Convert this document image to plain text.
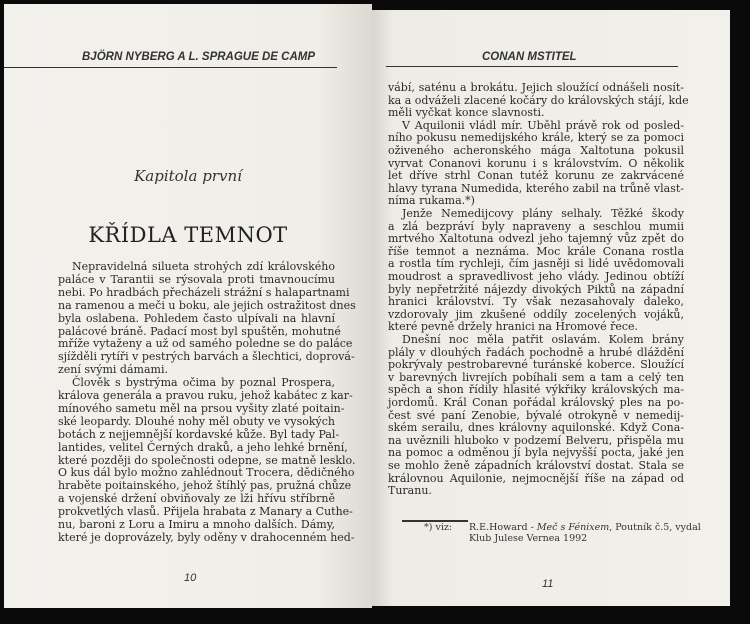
BJÖRN NYBERG A L. SPRAGUE DE CAMP
Kapitola první
KŘÍDLA TEMNOT
Nepravidelná silueta strohých zdí královského
paláce v Tarantii se rýsovala proti tmavnoucímu
nebi. Po hradbách přecházeli strážní s halapartnami
na ramenou a meči u boku, ale jejich ostražitost dnes
byla oslabena. Pohledem často ulpívali na hlavní
palácové bráně. Padací most byl spuštěn, mohutné
mříže vytaženy a už od samého poledne se do paláce
sjížděli rytíři v pestrých barvách a šlechtici, doprová-
zení svými dámami.
Člověk s bystrýma očima by poznal Prospera,
králova generála a pravou ruku, jehož kabátec z kar-
mínového sametu měl na prsou vyšity zlaté poitain-
ské leopardy. Dlouhé nohy měl obuty ve vysokých
botách z nejjemnější kordavské kůže. Byl tady Pal-
lantides, velitel Černých draků, a jeho lehké brnění,
které později do společnosti odepne, se matně lesklo.
O kus dál bylo možno zahlédnout Trocera, dědičného
hraběte poitainského, jehož štíhlý pas, pružná chůze
a vojenské držení obviňovaly ze lži hřívu stříbrně
prokvetlých vlasů. Přijela hrabata z Manary a Cuthe-
nu, baroni z Loru a Imiru a mnoho dalších. Dámy,
které je doprovázely, byly oděny v drahocenném hed-
10
CONAN MSTITEL
vábí, saténu a brokátu. Jejich sloužící odnášeli nosít-
ka a odváželi zlacené kočáry do královských stájí, kde
měli vyčkat konce slavnosti.
V Aquilonii vládl mír. Uběhl právě rok od posled-
ního pokusu nemedijského krále, který se za pomoci
oživeného acheronského mága Xaltotuna pokusil
vyrvat Conanovi korunu i s královstvím. O několik
let dříve strhl Conan tutéž korunu ze zakrvácené
hlavy tyrana Numedida, kterého zabil na trůně vlast-
níma rukama.*)
Jenže Nemedijcovy plány selhaly. Těžké škody
a zlá bezpráví byly napraveny a seschlou mumii
mrtvého Xaltotuna odvezl jeho tajemný vůz zpět do
říše temnot a neznáma. Moc krále Conana rostla
a rostla tím rychleji, čím jasněji si lidé uvědomovali
moudrost a spravedlivost jeho vlády. Jedinou obtíží
byly nepřetržité nájezdy divokých Piktů na západní
hranici království. Ty však nezasahovaly daleko,
vzdorovaly jim zkušené oddíly zocelených vojáků,
které pevně držely hranici na Hromové řece.
Dnešní noc měla patřit oslavám. Kolem brány
plály v dlouhých řadách pochodně a hrubé dláždění
pokrývaly pestrobarevné turánské koberce. Sloužící
v barevných livrejích pobíhali sem a tam a celý ten
spěch a shon řídily hlasité výkřiky královských ma-
jordomů. Král Conan pořádal královský ples na po-
čest své paní Zenobie, bývalé otrokyně v nemedij-
ském serailu, dnes královny aquilonské. Když Cona-
na uvěznili hluboko v podzemí Belveru, přispěla mu
na pomoc a odměnou jí byla nejvyšší pocta, jaké jen
se mohlo ženě západních království dostat. Stala se
královnou Aquilonie, nejmocnější říše na západ od
Turanu.
*) viz: R.E.Howard - Meč s Fénixem, Poutník č.5, vydal
Klub Julese Vernea 1992
11
